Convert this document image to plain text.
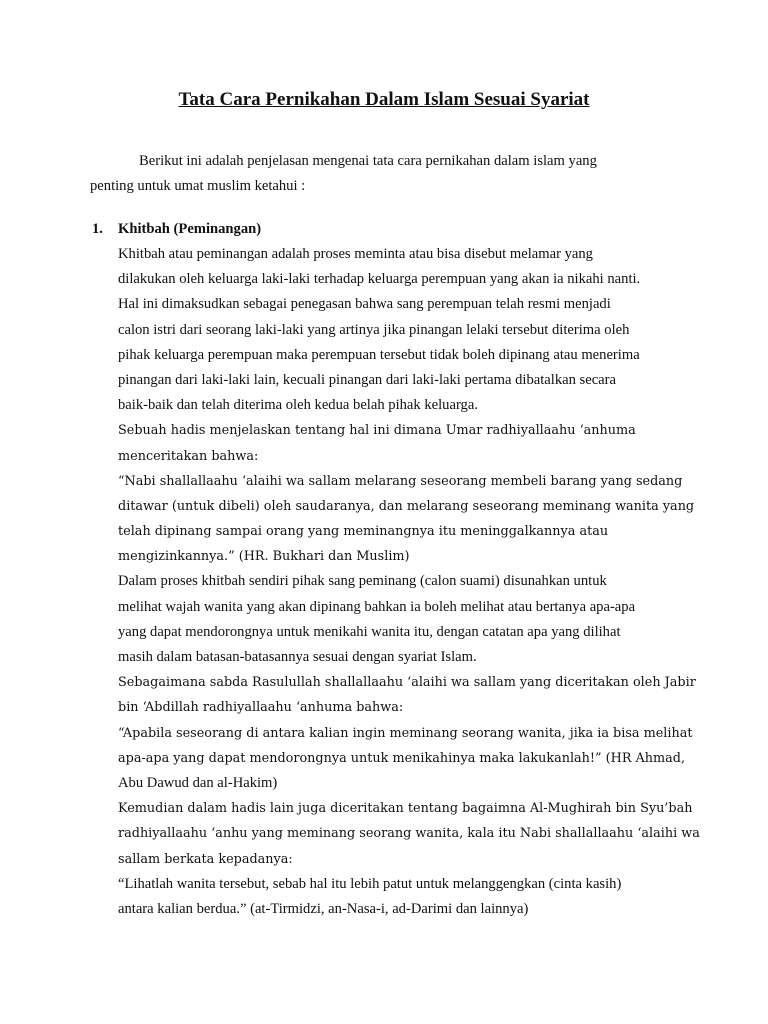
Tata Cara Pernikahan Dalam Islam Sesuai Syariat
Berikut ini adalah penjelasan mengenai tata cara pernikahan dalam islam yang
penting untuk umat muslim ketahui :
1. Khitbah (Peminangan)
Khitbah atau peminangan adalah proses meminta atau bisa disebut melamar yang
dilakukan oleh keluarga laki-laki terhadap keluarga perempuan yang akan ia nikahi nanti.
Hal ini dimaksudkan sebagai penegasan bahwa sang perempuan telah resmi menjadi
calon istri dari seorang laki-laki yang artinya jika pinangan lelaki tersebut diterima oleh
pihak keluarga perempuan maka perempuan tersebut tidak boleh dipinang atau menerima
pinangan dari laki-laki lain, kecuali pinangan dari laki-laki pertama dibatalkan secara
baik-baik dan telah diterima oleh kedua belah pihak keluarga.
Sebuah hadis menjelaskan tentang hal ini dimana Umar radhiyallaahu ‘anhuma
menceritakan bahwa:
“Nabi shallallaahu ‘alaihi wa sallam melarang seseorang membeli barang yang sedang
ditawar (untuk dibeli) oleh saudaranya, dan melarang seseorang meminang wanita yang
telah dipinang sampai orang yang meminangnya itu meninggalkannya atau
mengizinkannya.” (HR. Bukhari dan Muslim)
Dalam proses khitbah sendiri pihak sang peminang (calon suami) disunahkan untuk
melihat wajah wanita yang akan dipinang bahkan ia boleh melihat atau bertanya apa-apa
yang dapat mendorongnya untuk menikahi wanita itu, dengan catatan apa yang dilihat
masih dalam batasan-batasannya sesuai dengan syariat Islam.
Sebagaimana sabda Rasulullah shallallaahu ‘alaihi wa sallam yang diceritakan oleh Jabir
bin ‘Abdillah radhiyallaahu ‘anhuma bahwa:
“Apabila seseorang di antara kalian ingin meminang seorang wanita, jika ia bisa melihat
apa-apa yang dapat mendorongnya untuk menikahinya maka lakukanlah!” (HR Ahmad,
Abu Dawud dan al-Hakim)
Kemudian dalam hadis lain juga diceritakan tentang bagaimna Al-Mughirah bin Syu’bah
radhiyallaahu ‘anhu yang meminang seorang wanita, kala itu Nabi shallallaahu ‘alaihi wa
sallam berkata kepadanya:
“Lihatlah wanita tersebut, sebab hal itu lebih patut untuk melanggengkan (cinta kasih)
antara kalian berdua.” (at-Tirmidzi, an-Nasa-i, ad-Darimi dan lainnya)
